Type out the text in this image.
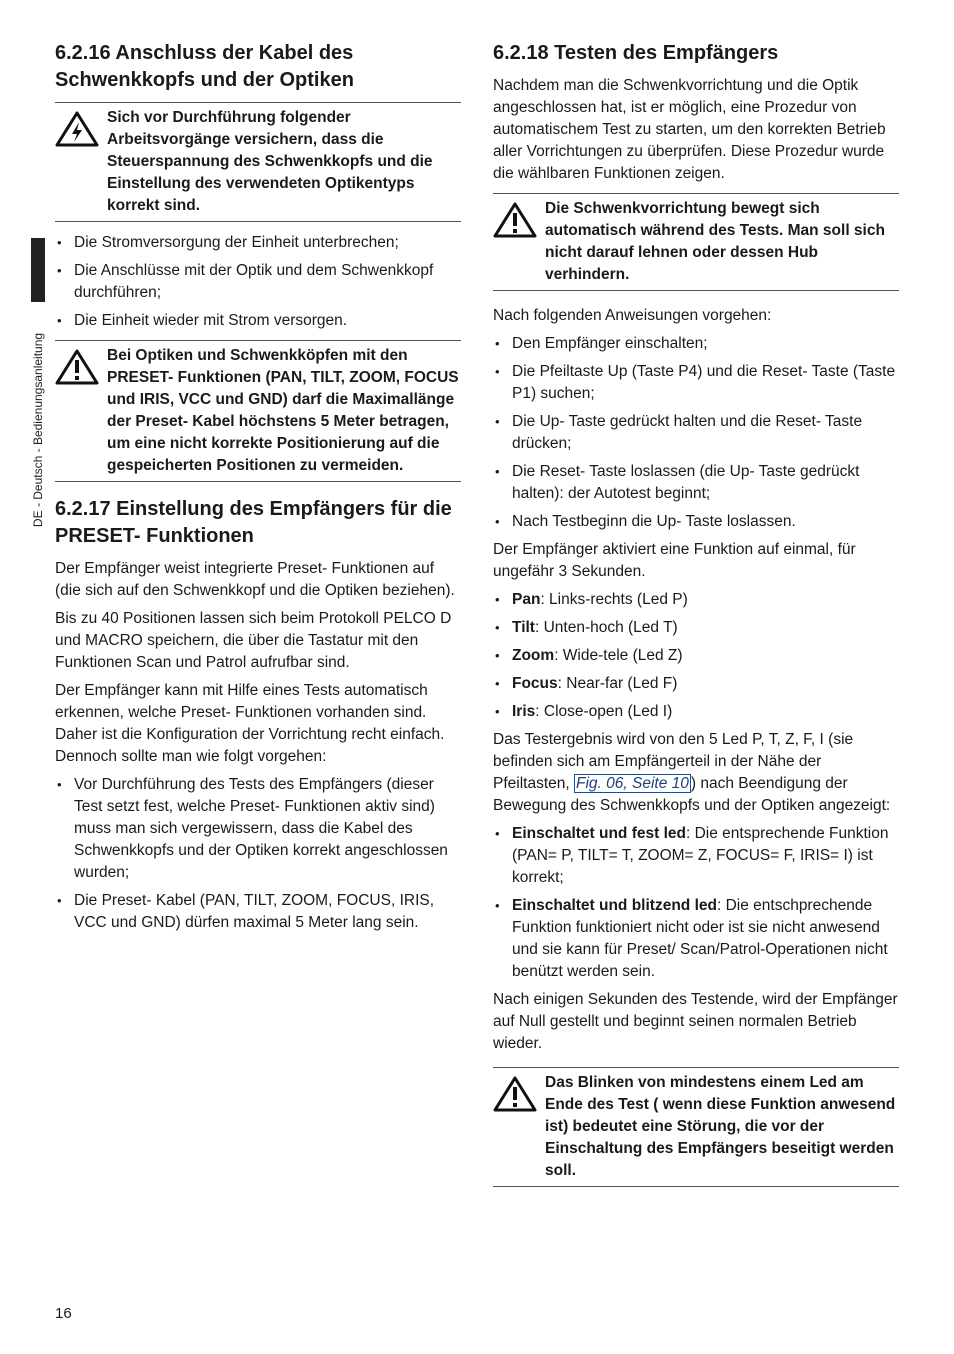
DE - Deutsch - Bedienungsanleitung
6.2.16 Anschluss der Kabel des Schwenkkopfs und der Optiken
Sich vor Durchführung folgender Arbeitsvorgänge versichern, dass die Steuerspannung des Schwenkkopfs und die Einstellung des verwendeten Optikentyps korrekt sind.
• Die Stromversorgung der Einheit unterbrechen;
• Die Anschlüsse mit der Optik und dem Schwenkkopf durchführen;
• Die Einheit wieder mit Strom versorgen.
Bei Optiken und Schwenkköpfen mit den PRESET- Funktionen (PAN, TILT, ZOOM, FOCUS und IRIS, VCC und GND) darf die Maximallänge der Preset- Kabel höchstens 5 Meter betragen, um eine nicht korrekte Positionierung auf die gespeicherten Positionen zu vermeiden.
6.2.17 Einstellung des Empfängers für die PRESET- Funktionen

Der Empfänger weist integrierte Preset- Funktionen auf (die sich auf den Schwenkkopf und die Optiken beziehen).

Bis zu 40 Positionen lassen sich beim Protokoll PELCO D und MACRO speichern, die über die Tastatur mit den Funktionen Scan und Patrol aufrufbar sind.

Der Empfänger kann mit Hilfe eines Tests automatisch erkennen, welche Preset- Funktionen vorhanden sind. Daher ist die Konfiguration der Vorrichtung recht einfach. Dennoch sollte man wie folgt vorgehen:

• Vor Durchführung des Tests des Empfängers (dieser Test setzt fest, welche Preset- Funktionen aktiv sind) muss man sich vergewissern, dass die Kabel des Schwenkkopfs und der Optiken korrekt angeschlossen wurden;
• Die Preset- Kabel (PAN, TILT, ZOOM, FOCUS, IRIS, VCC und GND) dürfen maximal 5 Meter lang sein.
6.2.18 Testen des Empfängers

Nachdem man die Schwenkvorrichtung und die Optik angeschlossen hat, ist er möglich, eine Prozedur von automatischem Test zu starten, um den korrekten Betrieb aller Vorrichtungen zu überprüfen. Diese Prozedur wurde die wählbaren Funktionen zeigen.

Die Schwenkvorrichtung bewegt sich automatisch während des Tests. Man soll sich nicht darauf lehnen oder dessen Hub verhindern.

Nach folgenden Anweisungen vorgehen:

• Den Empfänger einschalten;
• Die Pfeiltaste Up (Taste P4) und die Reset- Taste (Taste P1) suchen;
• Die Up- Taste gedrückt halten und die Reset- Taste drücken;
• Die Reset- Taste loslassen (die Up- Taste gedrückt halten): der Autotest beginnt;
• Nach Testbeginn die Up- Taste loslassen.

Der Empfänger aktiviert eine Funktion auf einmal, für ungefähr 3 Sekunden.

• Pan: Links-rechts (Led P)
• Tilt: Unten-hoch (Led T)
• Zoom: Wide-tele (Led Z)
• Focus: Near-far (Led F)
• Iris: Close-open (Led I)

Das Testergebnis wird von den 5 Led P, T, Z, F, I (sie befinden sich am Empfängerteil in der Nähe der Pfeiltasten, Fig. 06, Seite 10 ) nach Beendigung der Bewegung des Schwenkkopfs und der Optiken angezeigt:

• Einschaltet und fest led: Die entsprechende Funktion (PAN= P, TILT= T, ZOOM= Z, FOCUS= F, IRIS= I) ist korrekt;
• Einschaltet und blitzend led: Die entschprechende Funktion funktioniert nicht oder ist sie nicht anwesend und sie kann für Preset/ Scan/Patrol-Operationen nicht benützt werden sein.

Nach einigen Sekunden des Testende, wird der Empfänger auf Null gestellt und beginnt seinen normalen Betrieb wieder.

Das Blinken von mindestens einem Led am Ende des Test ( wenn diese Funktion anwesend ist) bedeutet eine Störung, die vor der Einschaltung des Empfängers beseitigt werden soll.
16
